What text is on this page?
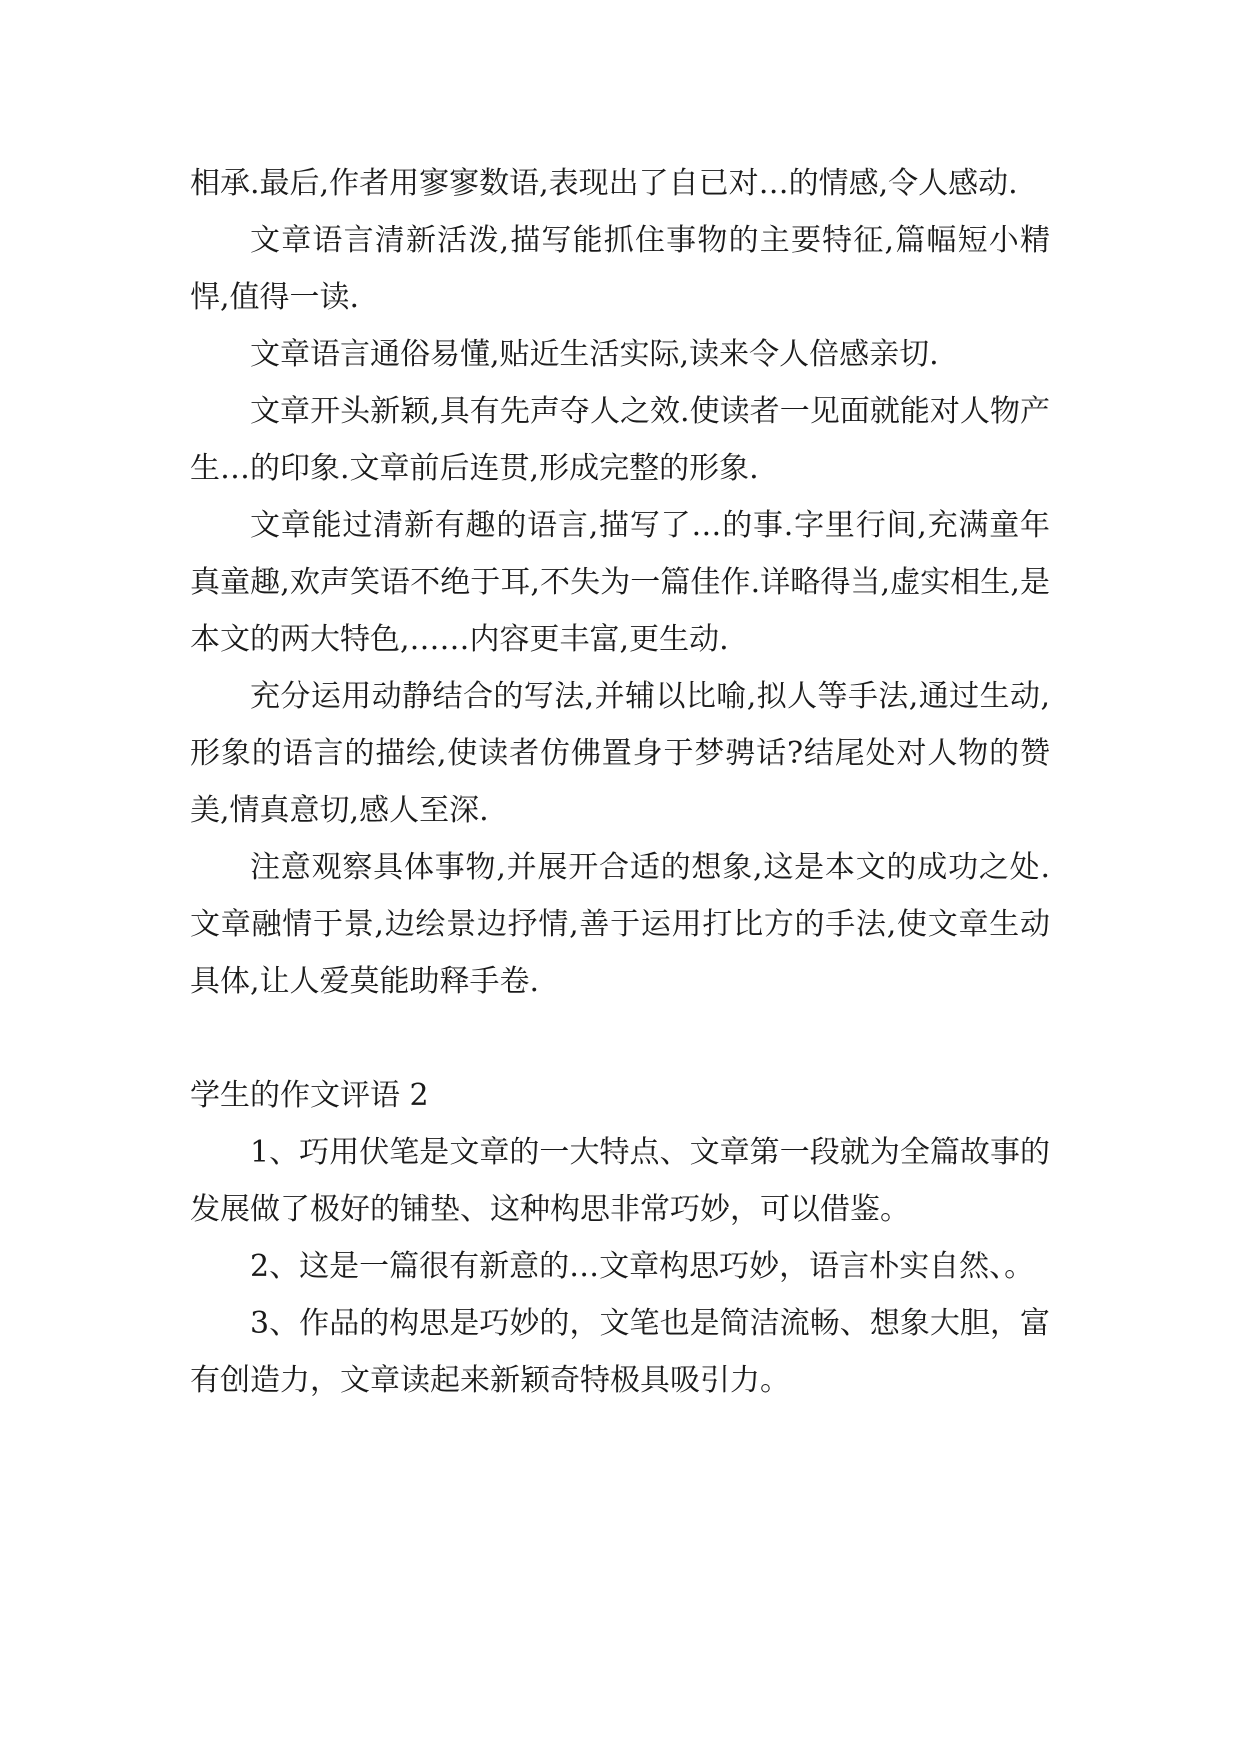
相承.最后,作者用寥寥数语,表现出了自已对…的情感,令人感动.

文章语言清新活泼,描写能抓住事物的主要特征,篇幅短小精悍,值得一读.

文章语言通俗易懂,贴近生活实际,读来令人倍感亲切.

文章开头新颖,具有先声夺人之效.使读者一见面就能对人物产生…的印象.文章前后连贯,形成完整的形象.

文章能过清新有趣的语言,描写了…的事.字里行间,充满童年真童趣,欢声笑语不绝于耳,不失为一篇佳作.详略得当,虚实相生,是本文的两大特色,……内容更丰富,更生动.

充分运用动静结合的写法,并辅以比喻,拟人等手法,通过生动,形象的语言的描绘,使读者仿佛置身于梦骋话?结尾处对人物的赞美,情真意切,感人至深.

注意观察具体事物,并展开合适的想象,这是本文的成功之处.文章融情于景,边绘景边抒情,善于运用打比方的手法,使文章生动具体,让人爱莫能助释手卷.

学生的作文评语 2

1、巧用伏笔是文章的一大特点、文章第一段就为全篇故事的发展做了极好的铺垫、这种构思非常巧妙，可以借鉴。

2、这是一篇很有新意的…文章构思巧妙，语言朴实自然、。

3、作品的构思是巧妙的，文笔也是简洁流畅、想象大胆，富有创造力，文章读起来新颖奇特极具吸引力。
